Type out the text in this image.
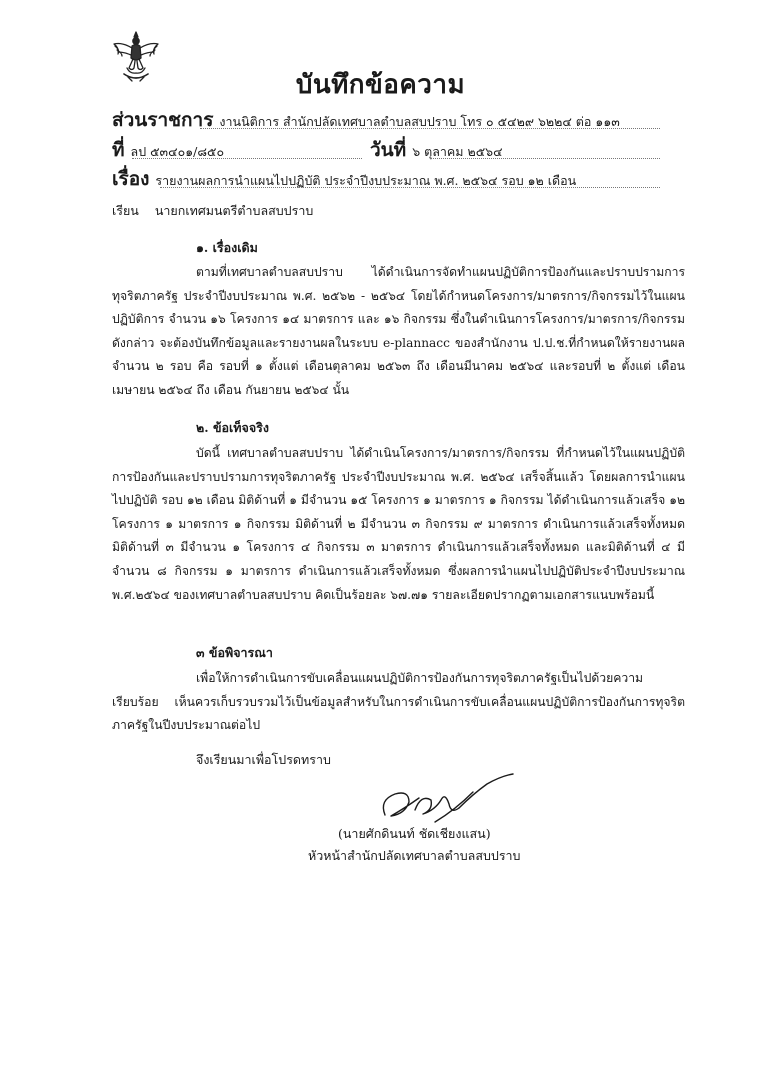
บันทึกข้อความ
ส่วนราชการ งานนิติการ สำนักปลัดเทศบาลตำบลสบปราบ โทร ๐ ๕๔๒๙ ๖๒๒๔ ต่อ ๑๑๓
ที่ลป ๕๓๔๐๑/๘๕๐	วันที่ ๖ ตุลาคม ๒๕๖๔
เรื่อง รายงานผลการนำแผนไปปฏิบัติ ประจำปีงบประมาณ พ.ศ. ๒๕๖๔ รอบ ๑๒ เดือน
เรียน นายกเทศมนตรีตำบลสบปราบ
๑. เรื่องเดิม

ตามที่เทศบาลตำบลสบปราบ ได้ดำเนินการจัดทำแผนปฏิบัติการป้องกันและปราบปรามการทุจริตภาครัฐ ประจำปีงบประมาณ พ.ศ. ๒๕๖๒ - ๒๕๖๔ โดยได้กำหนดโครงการ/มาตรการ/กิจกรรมไว้ในแผนปฏิบัติการ จำนวน ๑๖ โครงการ ๑๔ มาตรการ และ ๑๖ กิจกรรม ซึ่งในดำเนินการโครงการ/มาตรการ/กิจกรรมดังกล่าว จะต้องบันทึกข้อมูลและรายงานผลในระบบ e-plannacc ของสำนักงาน ป.ป.ช.ที่กำหนดให้รายงานผล จำนวน ๒ รอบ คือ รอบที่ ๑ ตั้งแต่ เดือนตุลาคม ๒๕๖๓ ถึง เดือนมีนาคม ๒๕๖๔ และรอบที่ ๒ ตั้งแต่ เดือน เมษายน ๒๕๖๔ ถึง เดือน กันยายน ๒๕๖๔ นั้น

๒. ข้อเท็จจริง

บัดนี้ เทศบาลตำบลสบปราบ ได้ดำเนินโครงการ/มาตรการ/กิจกรรม ที่กำหนดไว้ในแผนปฏิบัติการป้องกันและปราบปรามการทุจริตภาครัฐ ประจำปีงบประมาณ พ.ศ. ๒๕๖๔ เสร็จสิ้นแล้ว โดยผลการนำแผน ไปปฏิบัติ รอบ ๑๒ เดือน มิติด้านที่ ๑ มีจำนวน ๑๕ โครงการ ๑ มาตรการ ๑ กิจกรรม ได้ดำเนินการแล้วเสร็จ ๑๒ โครงการ ๑ มาตรการ ๑ กิจกรรม มิติด้านที่ ๒ มีจำนวน ๓ กิจกรรม ๙ มาตรการ ดำเนินการแล้วเสร็จทั้งหมด มิติด้านที่ ๓ มีจำนวน ๑ โครงการ ๔ กิจกรรม ๓ มาตรการ ดำเนินการแล้วเสร็จทั้งหมด และมิติด้านที่ ๔ มีจำนวน ๘ กิจกรรม ๑ มาตรการ ดำเนินการแล้วเสร็จทั้งหมด ซึ่งผลการนำแผนไปปฏิบัติประจำปีงบประมาณ พ.ศ.๒๕๖๔ ของเทศบาลตำบลสบปราบ คิดเป็นร้อยละ ๖๗.๗๑ รายละเอียดปรากฏตามเอกสารแนบพร้อมนี้

๓ ข้อพิจารณา

เพื่อให้การดำเนินการขับเคลื่อนแผนปฏิบัติการป้องกันการทุจริตภาครัฐเป็นไปด้วยความเรียบร้อย เห็นควรเก็บรวบรวมไว้เป็นข้อมูลสำหรับในการดำเนินการขับเคลื่อนแผนปฏิบัติการป้องกันการทุจริตภาครัฐในปีงบประมาณต่อไป

จึงเรียนมาเพื่อโปรดทราบ
(นายศักดินนท์ ชัดเชียงแสน)
หัวหน้าสำนักปลัดเทศบาลตำบลสบปราบ
